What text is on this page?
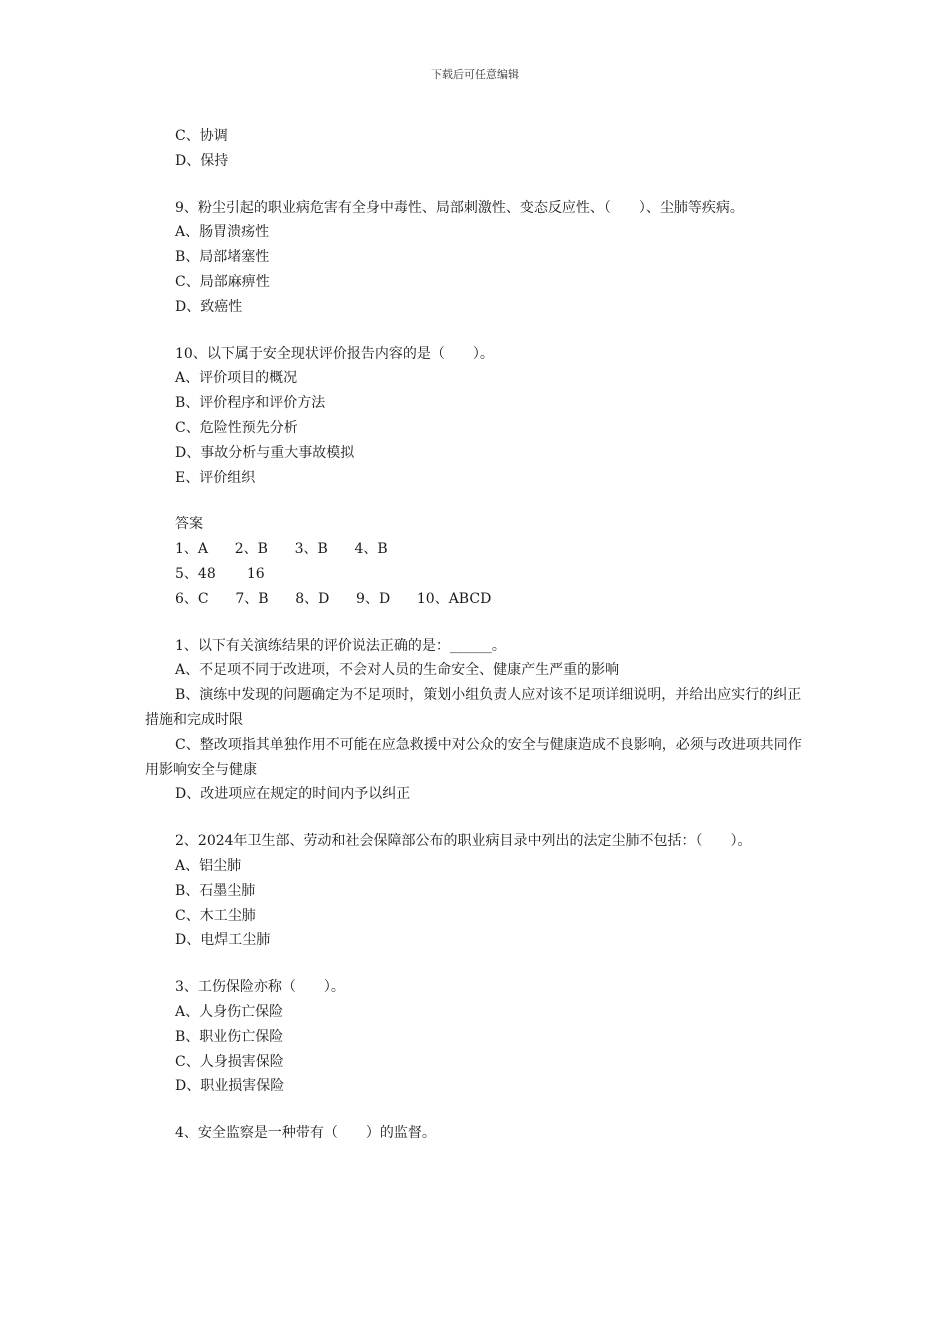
下载后可任意编辑

C、协调

D、保持

9、粉尘引起的职业病危害有全身中毒性、局部刺激性、变态反应性、（　　）、尘肺等疾病。

A、肠胃溃疡性

B、局部堵塞性

C、局部麻痹性

D、致癌性

10、以下属于安全现状评价报告内容的是（　　）。

A、评价项目的概况

B、评价程序和评价方法

C、危险性预先分析

D、事故分析与重大事故模拟

E、评价组织

答案

1、A      2、B      3、B      4、B

5、48       16

6、C      7、B      8、D      9、D      10、ABCD

1、以下有关演练结果的评价说法正确的是：______。

A、不足项不同于改进项，不会对人员的生命安全、健康产生严重的影响

B、演练中发现的问题确定为不足项时，策划小组负责人应对该不足项详细说明，并给出应实行的纠正措施和完成时限

C、整改项指其单独作用不可能在应急救援中对公众的安全与健康造成不良影响，必须与改进项共同作用影响安全与健康

D、改进项应在规定的时间内予以纠正

2、2024年卫生部、劳动和社会保障部公布的职业病目录中列出的法定尘肺不包括：（　　）。

A、铝尘肺

B、石墨尘肺

C、木工尘肺

D、电焊工尘肺

3、工伤保险亦称（　　）。

A、人身伤亡保险

B、职业伤亡保险

C、人身损害保险

D、职业损害保险

4、安全监察是一种带有（　　）的监督。
